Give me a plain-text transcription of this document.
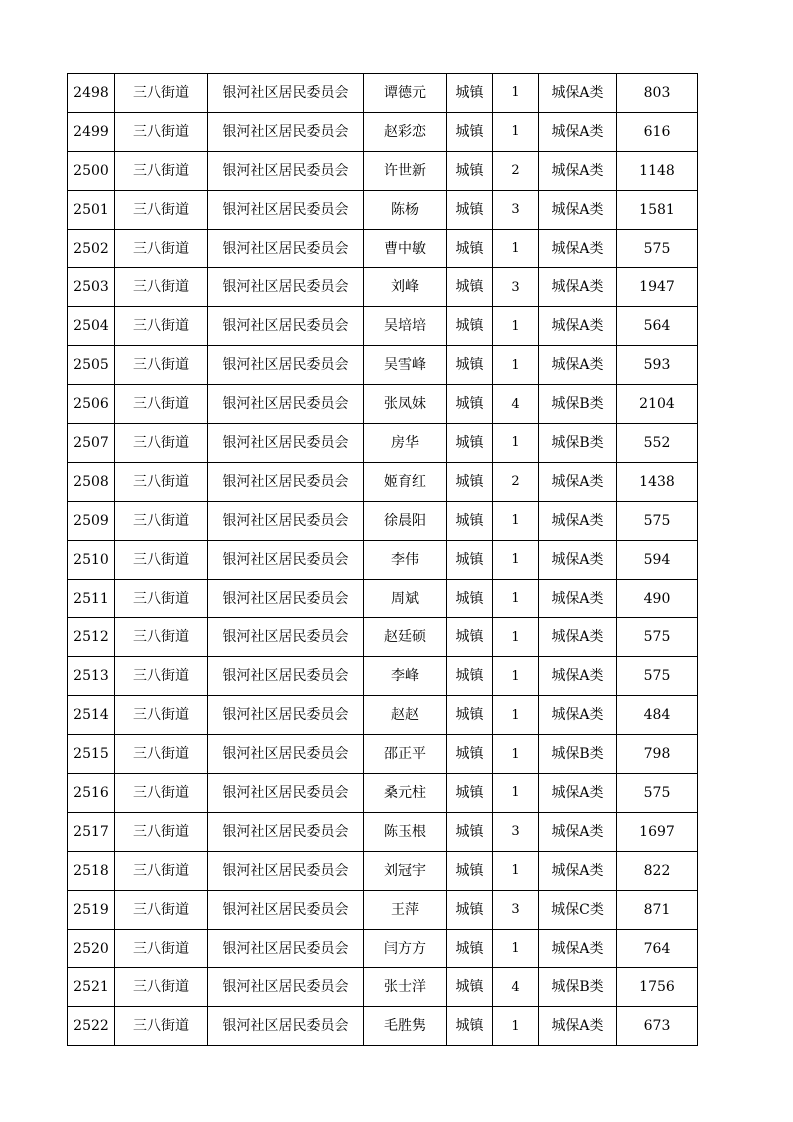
2498	三八街道	银河社区居民委员会	谭德元	城镇	1	城保A类	803
2499	三八街道	银河社区居民委员会	赵彩恋	城镇	1	城保A类	616
2500	三八街道	银河社区居民委员会	许世新	城镇	2	城保A类	1148
2501	三八街道	银河社区居民委员会	陈杨	城镇	3	城保A类	1581
2502	三八街道	银河社区居民委员会	曹中敏	城镇	1	城保A类	575
2503	三八街道	银河社区居民委员会	刘峰	城镇	3	城保A类	1947
2504	三八街道	银河社区居民委员会	吴培培	城镇	1	城保A类	564
2505	三八街道	银河社区居民委员会	吴雪峰	城镇	1	城保A类	593
2506	三八街道	银河社区居民委员会	张凤妹	城镇	4	城保B类	2104
2507	三八街道	银河社区居民委员会	房华	城镇	1	城保B类	552
2508	三八街道	银河社区居民委员会	姬育红	城镇	2	城保A类	1438
2509	三八街道	银河社区居民委员会	徐晨阳	城镇	1	城保A类	575
2510	三八街道	银河社区居民委员会	李伟	城镇	1	城保A类	594
2511	三八街道	银河社区居民委员会	周斌	城镇	1	城保A类	490
2512	三八街道	银河社区居民委员会	赵廷硕	城镇	1	城保A类	575
2513	三八街道	银河社区居民委员会	李峰	城镇	1	城保A类	575
2514	三八街道	银河社区居民委员会	赵赵	城镇	1	城保A类	484
2515	三八街道	银河社区居民委员会	邵正平	城镇	1	城保B类	798
2516	三八街道	银河社区居民委员会	桑元柱	城镇	1	城保A类	575
2517	三八街道	银河社区居民委员会	陈玉根	城镇	3	城保A类	1697
2518	三八街道	银河社区居民委员会	刘冠宇	城镇	1	城保A类	822
2519	三八街道	银河社区居民委员会	王萍	城镇	3	城保C类	871
2520	三八街道	银河社区居民委员会	闫方方	城镇	1	城保A类	764
2521	三八街道	银河社区居民委员会	张士洋	城镇	4	城保B类	1756
2522	三八街道	银河社区居民委员会	毛胜隽	城镇	1	城保A类	673
